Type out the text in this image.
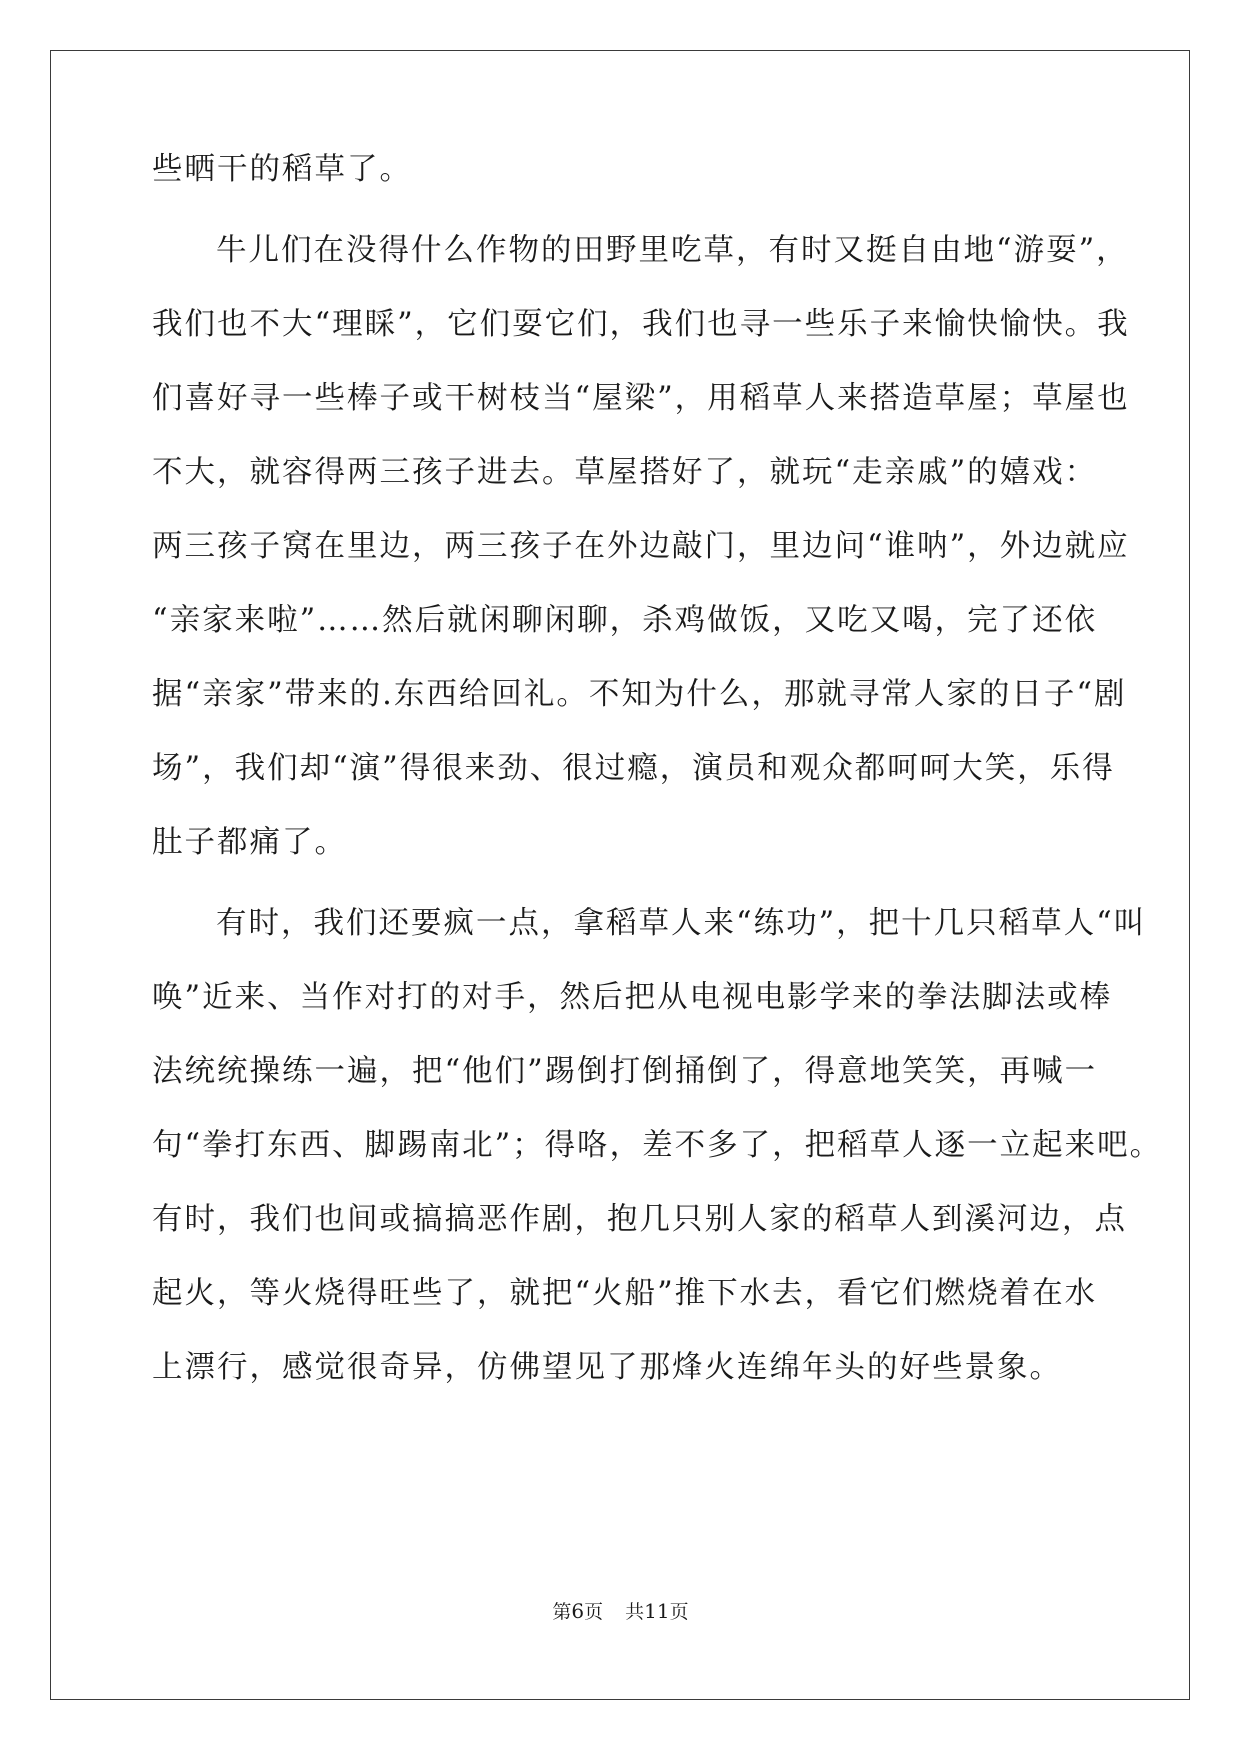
些晒干的稻草了。
牛儿们在没得什么作物的田野里吃草，有时又挺自由地“游耍”，
我们也不大“理睬”，它们耍它们，我们也寻一些乐子来愉快愉快。我
们喜好寻一些棒子或干树枝当“屋梁”，用稻草人来搭造草屋；草屋也
不大，就容得两三孩子进去。草屋搭好了，就玩“走亲戚”的嬉戏：
两三孩子窝在里边，两三孩子在外边敲门，里边问“谁呐”，外边就应
“亲家来啦”……然后就闲聊闲聊，杀鸡做饭，又吃又喝，完了还依
据“亲家”带来的.东西给回礼。不知为什么，那就寻常人家的日子“剧
场”，我们却“演”得很来劲、很过瘾，演员和观众都呵呵大笑，乐得
肚子都痛了。
有时，我们还要疯一点，拿稻草人来“练功”，把十几只稻草人“叫
唤”近来、当作对打的对手，然后把从电视电影学来的拳法脚法或棒
法统统操练一遍，把“他们”踢倒打倒捅倒了，得意地笑笑，再喊一
句“拳打东西、脚踢南北”；得咯，差不多了，把稻草人逐一立起来吧。
有时，我们也间或搞搞恶作剧，抱几只别人家的稻草人到溪河边，点
起火，等火烧得旺些了，就把“火船”推下水去，看它们燃烧着在水
上漂行，感觉很奇异，仿佛望见了那烽火连绵年头的好些景象。
第6页 共11页
